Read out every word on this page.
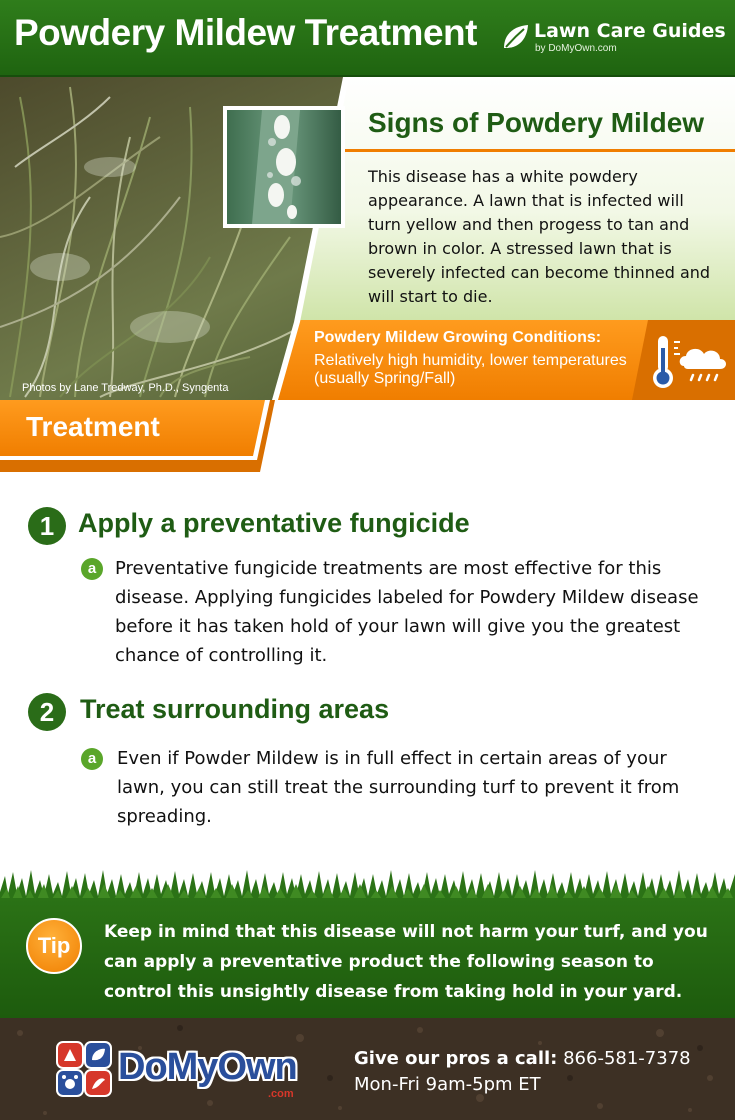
Powdery Mildew Treatment	Lawn Care Guides
by DoMyOwn.com
Signs of Powdery Mildew
This disease has a white powdery appearance. A lawn that is infected will turn yellow and then progess to tan and brown in color. A stressed lawn that is severely infected can become thinned and will start to die.
Photos by Lane Tredway, Ph.D., Syngenta
Powdery Mildew Growing Conditions:
Relatively high humidity, lower temperatures (usually Spring/Fall)
Treatment
1 Apply a preventative fungicide
a	Preventative fungicide treatments are most effective for this disease. Applying fungicides labeled for Powdery Mildew disease before it has taken hold of your lawn will give you the greatest chance of controlling it.
2 Treat surrounding areas
a	Even if Powder Mildew is in full effect in certain areas of your lawn, you can still treat the surrounding turf to prevent it from spreading.
Tip
Keep in mind that this disease will not harm your turf, and you can apply a preventative product the following season to control this unsightly disease from taking hold in your yard.
DoMyOwn
.com
Give our pros a call: 866-581-7378
Mon-Fri 9am-5pm ET
